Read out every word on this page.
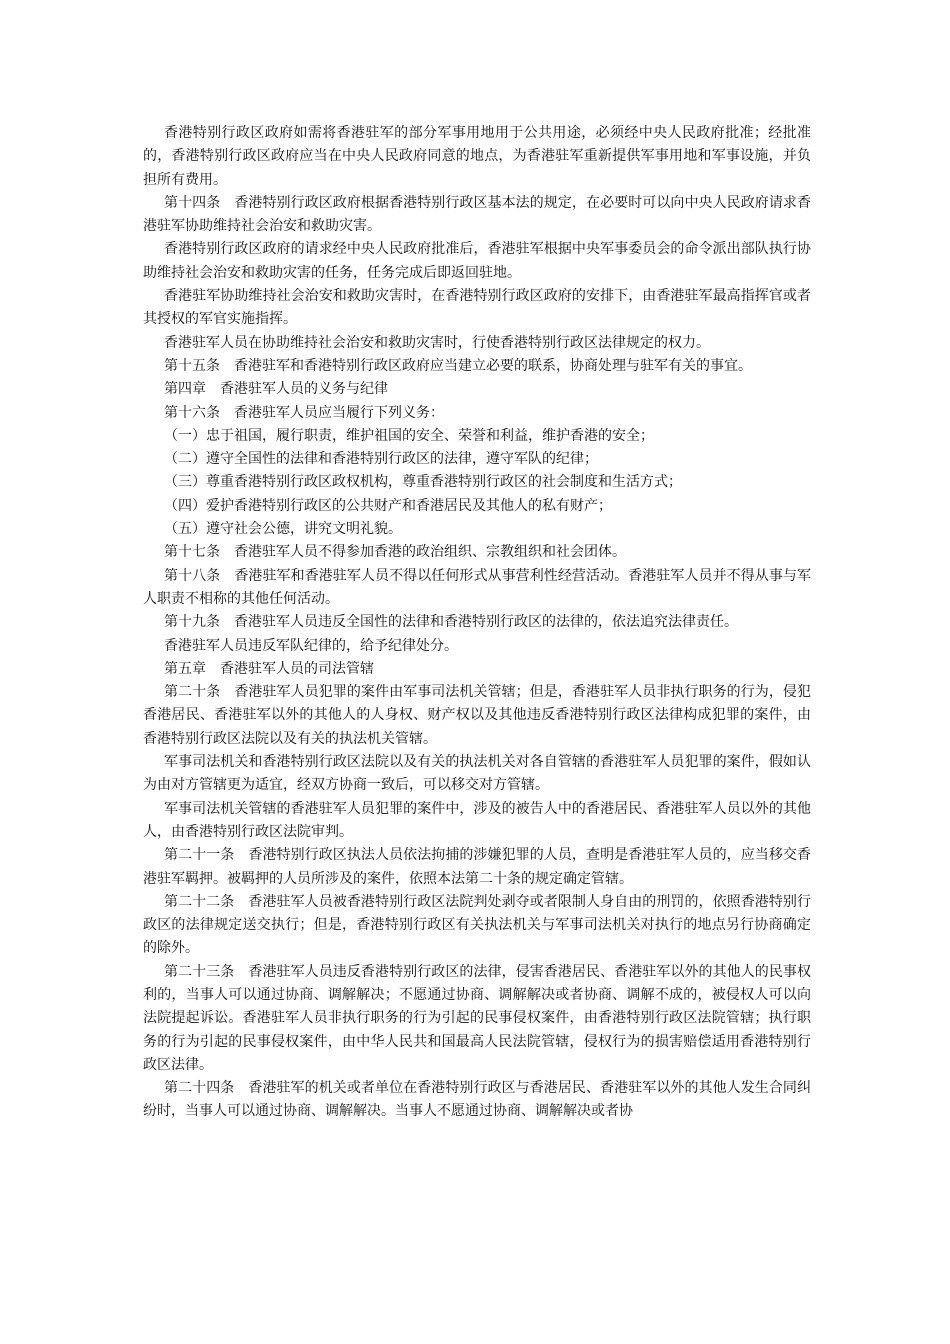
香港特别行政区政府如需将香港驻军的部分军事用地用于公共用途，必须经中央人民政府批准；经批准的，香港特别行政区政府应当在中央人民政府同意的地点，为香港驻军重新提供军事用地和军事设施，并负担所有费用。

第十四条　香港特别行政区政府根据香港特别行政区基本法的规定，在必要时可以向中央人民政府请求香港驻军协助维持社会治安和救助灾害。

香港特别行政区政府的请求经中央人民政府批准后，香港驻军根据中央军事委员会的命令派出部队执行协助维持社会治安和救助灾害的任务，任务完成后即返回驻地。

香港驻军协助维持社会治安和救助灾害时，在香港特别行政区政府的安排下，由香港驻军最高指挥官或者其授权的军官实施指挥。

香港驻军人员在协助维持社会治安和救助灾害时，行使香港特别行政区法律规定的权力。

第十五条　香港驻军和香港特别行政区政府应当建立必要的联系，协商处理与驻军有关的事宜。

第四章　香港驻军人员的义务与纪律

第十六条　香港驻军人员应当履行下列义务：

（一）忠于祖国，履行职责，维护祖国的安全、荣誉和利益，维护香港的安全；

（二）遵守全国性的法律和香港特别行政区的法律，遵守军队的纪律；

（三）尊重香港特别行政区政权机构，尊重香港特别行政区的社会制度和生活方式；

（四）爱护香港特别行政区的公共财产和香港居民及其他人的私有财产；

（五）遵守社会公德，讲究文明礼貌。

第十七条　香港驻军人员不得参加香港的政治组织、宗教组织和社会团体。

第十八条　香港驻军和香港驻军人员不得以任何形式从事营利性经营活动。香港驻军人员并不得从事与军人职责不相称的其他任何活动。

第十九条　香港驻军人员违反全国性的法律和香港特别行政区的法律的，依法追究法律责任。

香港驻军人员违反军队纪律的，给予纪律处分。

第五章　香港驻军人员的司法管辖

第二十条　香港驻军人员犯罪的案件由军事司法机关管辖；但是，香港驻军人员非执行职务的行为，侵犯香港居民、香港驻军以外的其他人的人身权、财产权以及其他违反香港特别行政区法律构成犯罪的案件，由香港特别行政区法院以及有关的执法机关管辖。

军事司法机关和香港特别行政区法院以及有关的执法机关对各自管辖的香港驻军人员犯罪的案件，假如认为由对方管辖更为适宜，经双方协商一致后，可以移交对方管辖。

军事司法机关管辖的香港驻军人员犯罪的案件中，涉及的被告人中的香港居民、香港驻军人员以外的其他人，由香港特别行政区法院审判。

第二十一条　香港特别行政区执法人员依法拘捕的涉嫌犯罪的人员，查明是香港驻军人员的，应当移交香港驻军羁押。被羁押的人员所涉及的案件，依照本法第二十条的规定确定管辖。

第二十二条　香港驻军人员被香港特别行政区法院判处剥夺或者限制人身自由的刑罚的，依照香港特别行政区的法律规定送交执行；但是，香港特别行政区有关执法机关与军事司法机关对执行的地点另行协商确定的除外。

第二十三条　香港驻军人员违反香港特别行政区的法律，侵害香港居民、香港驻军以外的其他人的民事权利的，当事人可以通过协商、调解解决；不愿通过协商、调解解决或者协商、调解不成的，被侵权人可以向法院提起诉讼。香港驻军人员非执行职务的行为引起的民事侵权案件，由香港特别行政区法院管辖；执行职务的行为引起的民事侵权案件，由中华人民共和国最高人民法院管辖，侵权行为的损害赔偿适用香港特别行政区法律。

第二十四条　香港驻军的机关或者单位在香港特别行政区与香港居民、香港驻军以外的其他人发生合同纠纷时，当事人可以通过协商、调解解决。当事人不愿通过协商、调解解决或者协
